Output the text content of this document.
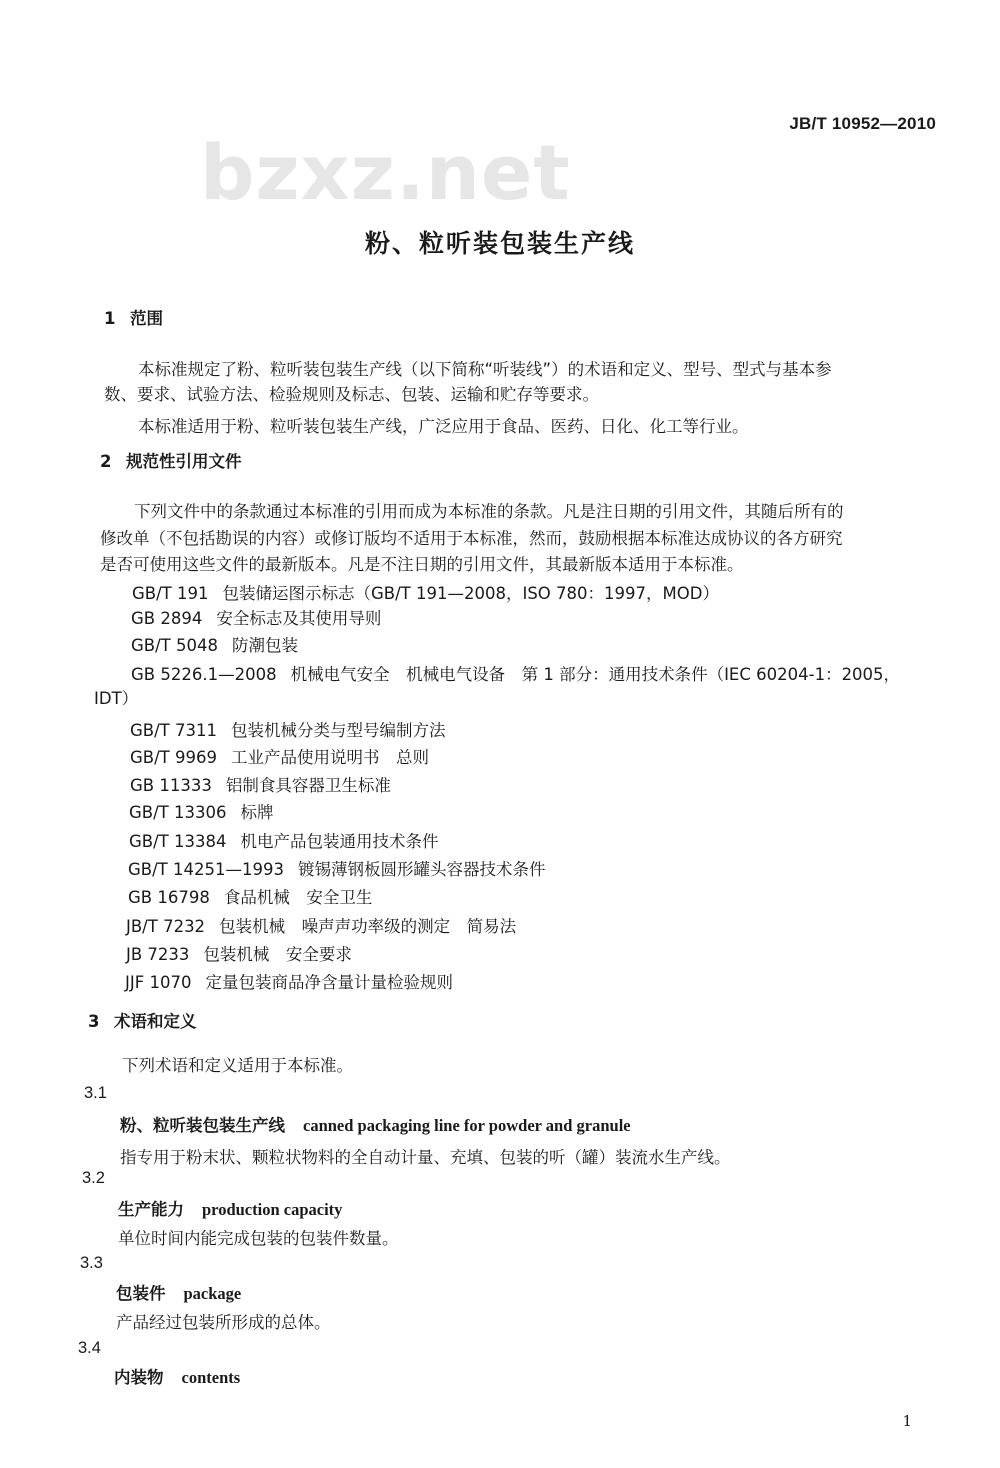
bzxz.net
JB/T 10952—2010
粉、粒听装包装生产线
1 范围
本标准规定了粉、粒听装包装生产线（以下简称“听装线”）的术语和定义、型号、型式与基本参
数、要求、试验方法、检验规则及标志、包装、运输和贮存等要求。
本标准适用于粉、粒听装包装生产线，广泛应用于食品、医药、日化、化工等行业。
2 规范性引用文件
下列文件中的条款通过本标准的引用而成为本标准的条款。凡是注日期的引用文件，其随后所有的
修改单（不包括勘误的内容）或修订版均不适用于本标准，然而，鼓励根据本标准达成协议的各方研究
是否可使用这些文件的最新版本。凡是不注日期的引用文件，其最新版本适用于本标准。
GB/T 191 包装储运图示标志（GB/T 191—2008，ISO 780：1997，MOD）
GB 2894 安全标志及其使用导则
GB/T 5048 防潮包装
GB 5226.1—2008 机械电气安全　机械电气设备　第 1 部分：通用技术条件（IEC 60204-1：2005，
IDT）
GB/T 7311 包装机械分类与型号编制方法
GB/T 9969 工业产品使用说明书　总则
GB 11333 铝制食具容器卫生标准
GB/T 13306 标牌
GB/T 13384 机电产品包装通用技术条件
GB/T 14251—1993 镀锡薄钢板圆形罐头容器技术条件
GB 16798 食品机械　安全卫生
JB/T 7232 包装机械　噪声声功率级的测定　简易法
JB 7233 包装机械　安全要求
JJF 1070 定量包装商品净含量计量检验规则
3 术语和定义
下列术语和定义适用于本标准。
3.1
粉、粒听装包装生产线 canned packaging line for powder and granule
指专用于粉末状、颗粒状物料的全自动计量、充填、包装的听（罐）装流水生产线。
3.2
生产能力 production capacity
单位时间内能完成包装的包装件数量。
3.3
包装件 package
产品经过包装所形成的总体。
3.4
内装物 contents
1
